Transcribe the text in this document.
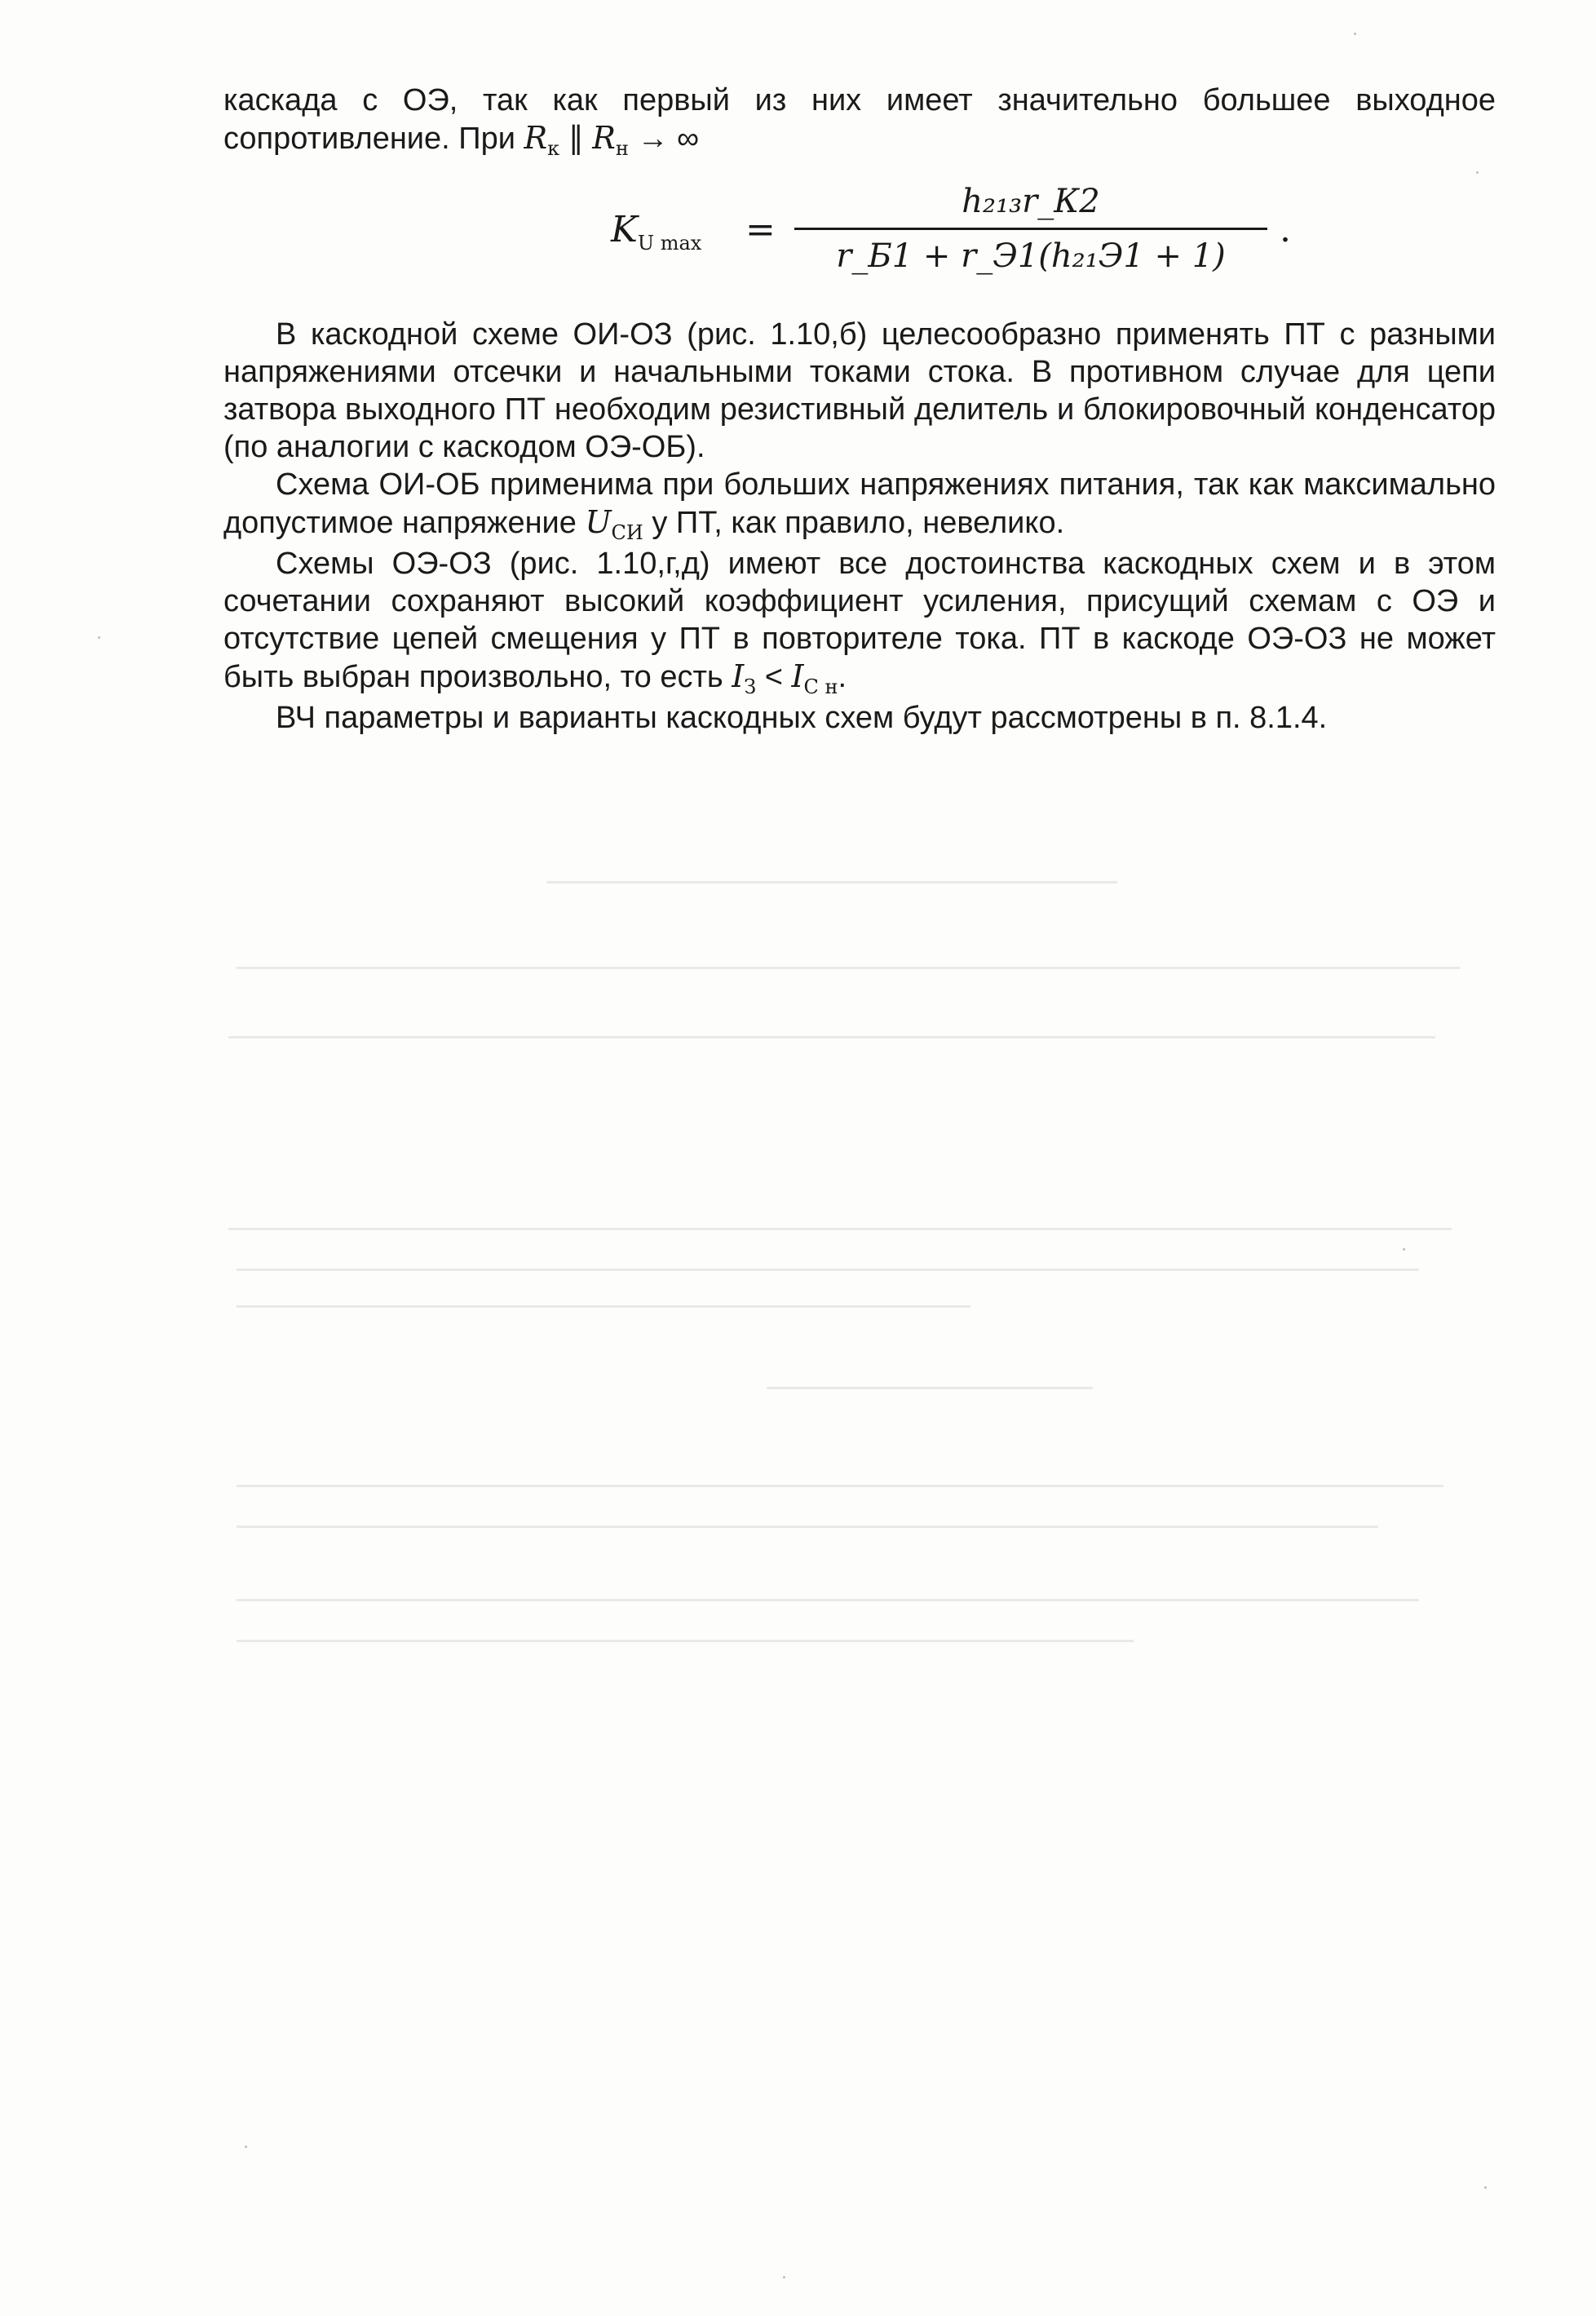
каскада с ОЭ, так как первый из них имеет значительно большее выходное сопротивление. При $R_к$ ∥ $R_н$ → ∞

$K_{U max}$ =
h₂₁₃r_К2
r_Б1 + r_Э1(h₂₁Э1 + 1)
.

В каскодной схеме ОИ-ОЗ (рис. 1.10,б) целесообразно применять ПТ с разными напряжениями отсечки и начальными токами стока. В противном случае для цепи затвора выходного ПТ необходим резистивный делитель и блокировочный конденсатор (по аналогии с каскодом ОЭ-ОБ).

Схема ОИ-ОБ применима при больших напряжениях питания, так как максимально допустимое напряжение $U_{СИ}$ у ПТ, как правило, невелико.

Схемы ОЭ-ОЗ (рис. 1.10,г,д) имеют все достоинства каскодных схем и в этом сочетании сохраняют высокий коэффициент усиления, присущий схемам с ОЭ и отсутствие цепей смещения у ПТ в повторителе тока. ПТ в каскоде ОЭ-ОЗ не может быть выбран произвольно, то есть $I_З < I_{С н}$.

ВЧ параметры и варианты каскодных схем будут рассмотрены в п. 8.1.4.
